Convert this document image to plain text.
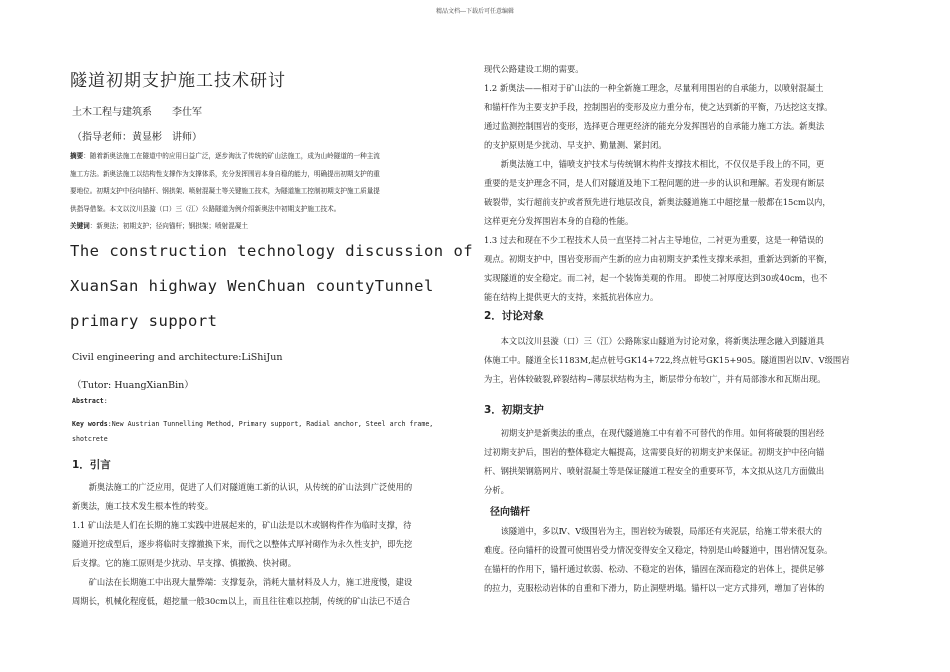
精品文档---下载后可任意编辑
隧道初期支护施工技术研讨
土木工程与建筑系　　李仕军
（指导老师：黄显彬　讲师）
摘要：随着新奥法施工在隧道中的应用日益广泛，逐步淘汰了传统的矿山法施工，成为山岭隧道的一种主流
施工方法。新奥法施工以结构性支撑作为支撑体系，充分发挥围岩本身自稳的能力，明确提出初期支护的重
要地位。初期支护中径向锚杆、钢拱架、喷射混凝土等关键施工技术，为隧道施工控制初期支护施工质量提
供指导借鉴。本文以汶川县漩（口）三（江）公路隧道为例介绍新奥法中初期支护施工技术。
关键词：新奥法；初期支护；径向锚杆；钢拱架；喷射混凝土
The construction technology discussion of
XuanSan highway WenChuan countyTunnel
primary support
Civil engineering and architecture:LiShiJun
（Tutor: HuangXianBin）
Abstract:
Key words:New Austrian Tunnelling Method, Primary support, Radial anchor, Steel arch frame,
shotcrete
1．引言
　　新奥法施工的广泛应用，促进了人们对隧道施工新的认识，从传统的矿山法到广泛使用的
新奥法，施工技术发生根本性的转变。
1.1 矿山法是人们在长期的施工实践中进展起来的，矿山法是以木或钢构件作为临时支撑，待
隧道开挖成型后，逐步将临时支撑撤换下来，而代之以整体式厚衬砌作为永久性支护，即先挖
后支撑。它的施工原则是少扰动、早支撑、慎撤换、快衬砌。
　　矿山法在长期施工中出现大量弊端：支撑复杂，消耗大量材料及人力，施工进度慢，建设
周期长，机械化程度低，超挖量一般30cm以上，而且往往难以控制，传统的矿山法已不适合
现代公路建设工期的需要。
1.2 新奥法——相对于矿山法的一种全新施工理念，尽量利用围岩的自承能力，以喷射混凝土
和锚杆作为主要支护手段，控制围岩的变形及应力重分布，使之达到新的平衡，乃达挖这支撑。
通过监测控制围岩的变形，选择更合理更经济的能充分发挥围岩的自承能力施工方法。新奥法
的支护原则是少扰动、早支护、勤量测、紧封闭。
　　新奥法施工中，锚喷支护技术与传统钢木构件支撑技术相比，不仅仅是手段上的不同，更
重要的是支护理念不同，是人们对隧道及地下工程问题的进一步的认识和理解。若发现有断层
破裂带，实行超前支护或者预先进行地层改良，新奥法隧道施工中超挖量一般都在15cm以内，
这样更充分发挥围岩本身的自稳的性能。
1.3 过去和现在不少工程技术人员一直坚持二衬占主导地位，二衬更为重要，这是一种错误的
观点。初期支护中，围岩变形而产生新的应力由初期支护柔性支撑来承担，重新达到新的平衡，
实现隧道的安全稳定。而二衬，起一个装饰美观的作用。 即使二衬厚度达到30或40cm，也不
能在结构上提供更大的支持，来抵抗岩体应力。
2．讨论对象
　　本文以汶川县漩（口）三（江）公路陈家山隧道为讨论对象，将新奥法理念融入到隧道具
体施工中。隧道全长1183M,起点桩号GK14+722,终点桩号GK15+905。隧道围岩以Ⅳ、Ⅴ级围岩
为主，岩体较破裂,碎裂结构~薄层状结构为主，断层带分布较广，并有局部渗水和瓦斯出现。
3．初期支护
　　初期支护是新奥法的重点，在现代隧道施工中有着不可替代的作用。如何将破裂的围岩经
过初期支护后，围岩的整体稳定大幅提高，这需要良好的初期支护来保证。初期支护中径向锚
杆、钢拱架钢筋网片、喷射混凝土等是保证隧道工程安全的重要环节，本文拟从这几方面做出
分析。
径向锚杆
　　该隧道中，多以Ⅳ、Ⅴ级围岩为主，围岩较为破裂，局部还有夹泥层，给施工带来很大的
难度。径向锚杆的设置可使围岩受力情况变得安全又稳定，特别是山岭隧道中，围岩情况复杂。
在锚杆的作用下，锚杆通过软弱、松动、不稳定的岩体，锚固在深而稳定的岩体上，提供足够
的拉力，克服松动岩体的自重和下滑力，防止洞壁坍塌。锚杆以一定方式排列，增加了岩体的
